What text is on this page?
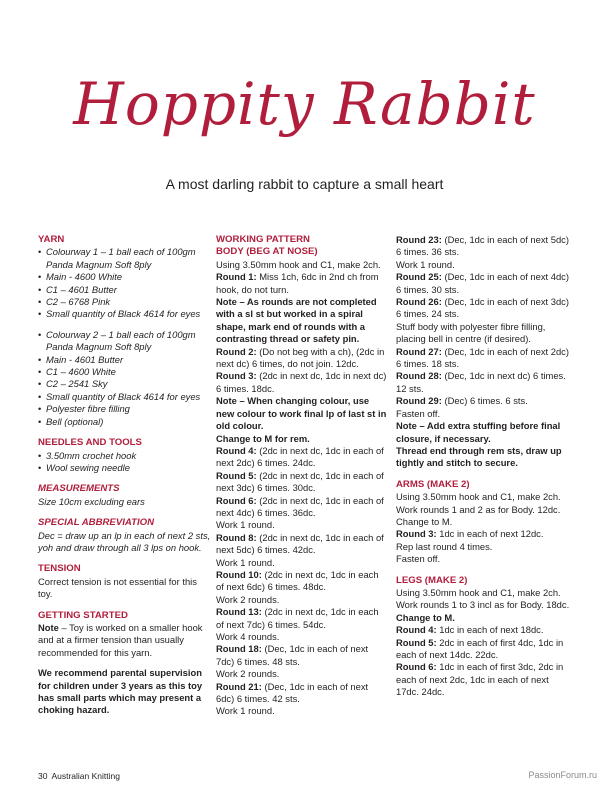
Hoppity Rabbit
A most darling rabbit to capture a small heart
YARN
• Colourway 1 – 1 ball each of 100gm Panda Magnum Soft 8ply
• Main - 4600 White
• C1 – 4601 Butter
• C2 – 6768 Pink
• Small quantity of Black 4614 for eyes
• Colourway 2 – 1 ball each of 100gm Panda Magnum Soft 8ply
• Main - 4601 Butter
• C1 – 4600 White
• C2 – 2541 Sky
• Small quantity of Black 4614 for eyes
• Polyester fibre filling
• Bell (optional)
NEEDLES AND TOOLS
• 3.50mm crochet hook
• Wool sewing needle
MEASUREMENTS
Size 10cm excluding ears
SPECIAL ABBREVIATION
Dec = draw up an lp in each of next 2 sts, yoh and draw through all 3 lps on hook.
TENSION
Correct tension is not essential for this toy.
GETTING STARTED
Note – Toy is worked on a smaller hook and at a firmer tension than usually recommended for this yarn.
We recommend parental supervision for children under 3 years as this toy has small parts which may present a choking hazard.
WORKING PATTERN
BODY (BEG AT NOSE)
Using 3.50mm hook and C1, make 2ch.
Round 1: Miss 1ch, 6dc in 2nd ch from hook, do not turn.
Note – As rounds are not completed with a sl st but worked in a spiral shape, mark end of rounds with a contrasting thread or safety pin.
Round 2: (Do not beg with a ch), (2dc in next dc) 6 times, do not join. 12dc.
Round 3: (2dc in next dc, 1dc in next dc) 6 times. 18dc.
Note – When changing colour, use new colour to work final lp of last st in old colour.
Change to M for rem.
Round 4: (2dc in next dc, 1dc in each of next 2dc) 6 times. 24dc.
Round 5: (2dc in next dc, 1dc in each of next 3dc) 6 times. 30dc.
Round 6: (2dc in next dc, 1dc in each of next 4dc) 6 times. 36dc.
Work 1 round.
Round 8: (2dc in next dc, 1dc in each of next 5dc) 6 times. 42dc.
Work 1 round.
Round 10: (2dc in next dc, 1dc in each of next 6dc) 6 times. 48dc.
Work 2 rounds.
Round 13: (2dc in next dc, 1dc in each of next 7dc) 6 times. 54dc.
Work 4 rounds.
Round 18: (Dec, 1dc in each of next 7dc) 6 times. 48 sts.
Work 2 rounds.
Round 21: (Dec, 1dc in each of next 6dc) 6 times. 42 sts.
Work 1 round.
Round 23: (Dec, 1dc in each of next 5dc) 6 times. 36 sts.
Work 1 round.
Round 25: (Dec, 1dc in each of next 4dc) 6 times. 30 sts.
Round 26: (Dec, 1dc in each of next 3dc) 6 times. 24 sts.
Stuff body with polyester fibre filling, placing bell in centre (if desired).
Round 27: (Dec, 1dc in each of next 2dc) 6 times. 18 sts.
Round 28: (Dec, 1dc in next dc) 6 times. 12 sts.
Round 29: (Dec) 6 times. 6 sts.
Fasten off.
Note – Add extra stuffing before final closure, if necessary.
Thread end through rem sts, draw up tightly and stitch to secure.
ARMS (MAKE 2)
Using 3.50mm hook and C1, make 2ch.
Work rounds 1 and 2 as for Body. 12dc.
Change to M.
Round 3: 1dc in each of next 12dc.
Rep last round 4 times.
Fasten off.
LEGS (MAKE 2)
Using 3.50mm hook and C1, make 2ch.
Work rounds 1 to 3 incl as for Body. 18dc.
Change to M.
Round 4: 1dc in each of next 18dc.
Round 5: 2dc in each of first 4dc, 1dc in each of next 14dc. 22dc.
Round 6: 1dc in each of first 3dc, 2dc in each of next 2dc, 1dc in each of next 17dc. 24dc.
30 Australian Knitting	PassionForum.ru
